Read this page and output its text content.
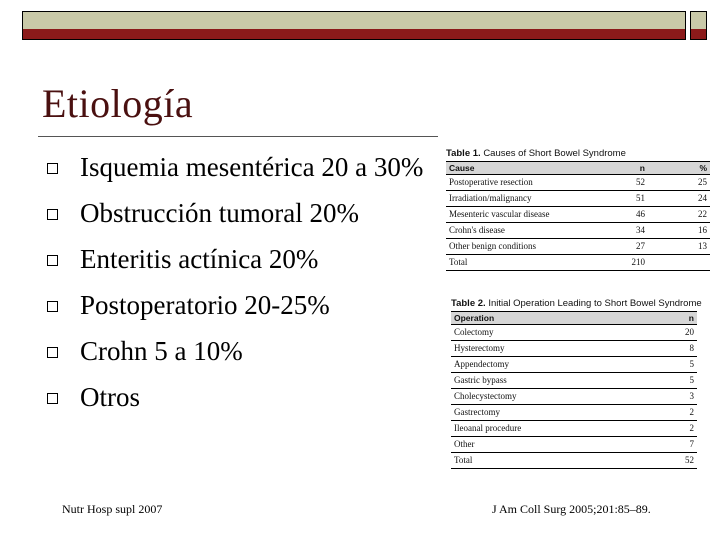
Etiología
Isquemia mesentérica 20 a 30%
Obstrucción tumoral 20%
Enteritis actínica 20%
Postoperatorio 20-25%
Crohn 5 a 10%
Otros
Table 1. Causes of Short Bowel Syndrome
Cause	n	%
Postoperative resection	52	25
Irradiation/malignancy	51	24
Mesenteric vascular disease	46	22
Crohn's disease	34	16
Other benign conditions	27	13
Total	210	
Table 2. Initial Operation Leading to Short Bowel Syndrome
Operation	n
Colectomy	20
Hysterectomy	8
Appendectomy	5
Gastric bypass	5
Cholecystectomy	3
Gastrectomy	2
Ileoanal procedure	2
Other	7
Total	52
Nutr Hosp supl 2007	J Am Coll Surg 2005;201:85–89.
